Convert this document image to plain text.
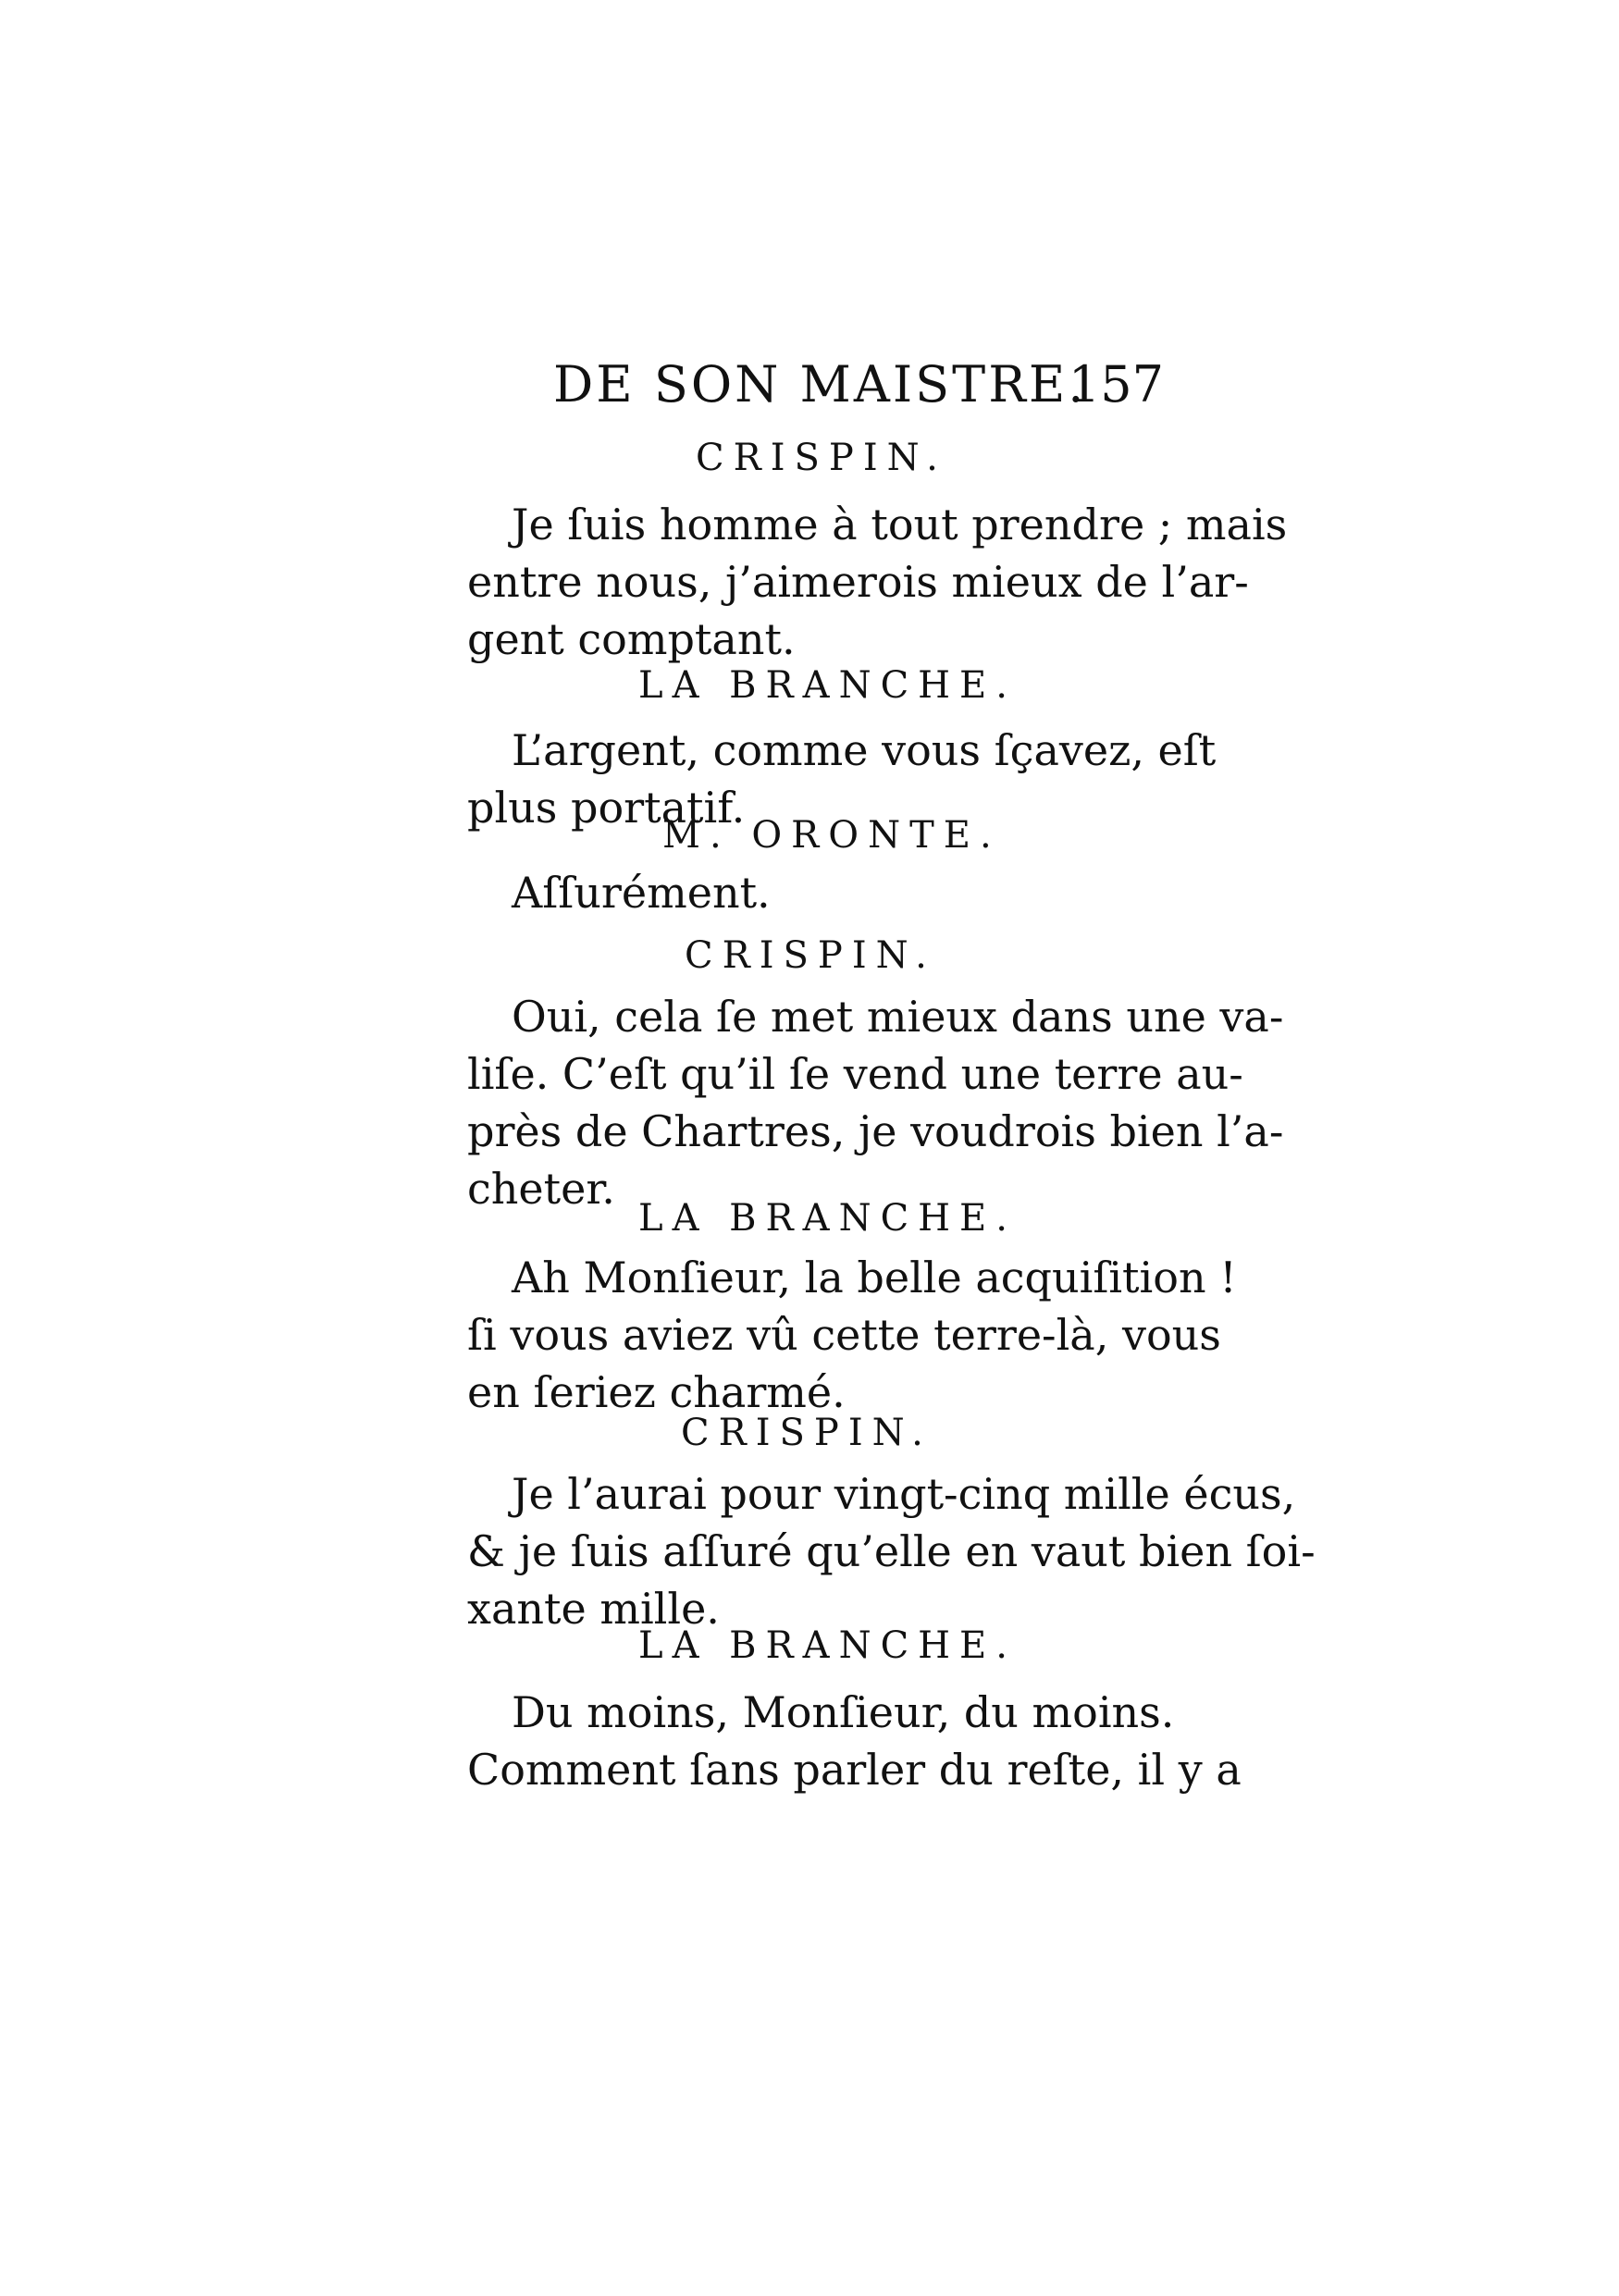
DE SON MAISTRE.
157
CRISPIN.
Je ſuis homme à tout prendre ; mais
entre nous, j’aimerois mieux de l’ar-
gent comptant.
LA BRANCHE.
L’argent, comme vous ſçavez, eſt
plus portatif.
M. ORONTE.
Aſſurément.
CRISPIN.
Oui, cela ſe met mieux dans une va-
liſe. C’eſt qu’il ſe vend une terre au-
près de Chartres, je voudrois bien l’a-
cheter.
LA BRANCHE.
Ah Monſieur, la belle acquiſition !
ſi vous aviez vû cette terre-là, vous
en ſeriez charmé.
CRISPIN.
Je l’aurai pour vingt-cinq mille écus,
& je ſuis aſſuré qu’elle en vaut bien ſoi-
xante mille.
LA BRANCHE.
Du moins, Monſieur, du moins.
Comment ſans parler du reſte, il y a
